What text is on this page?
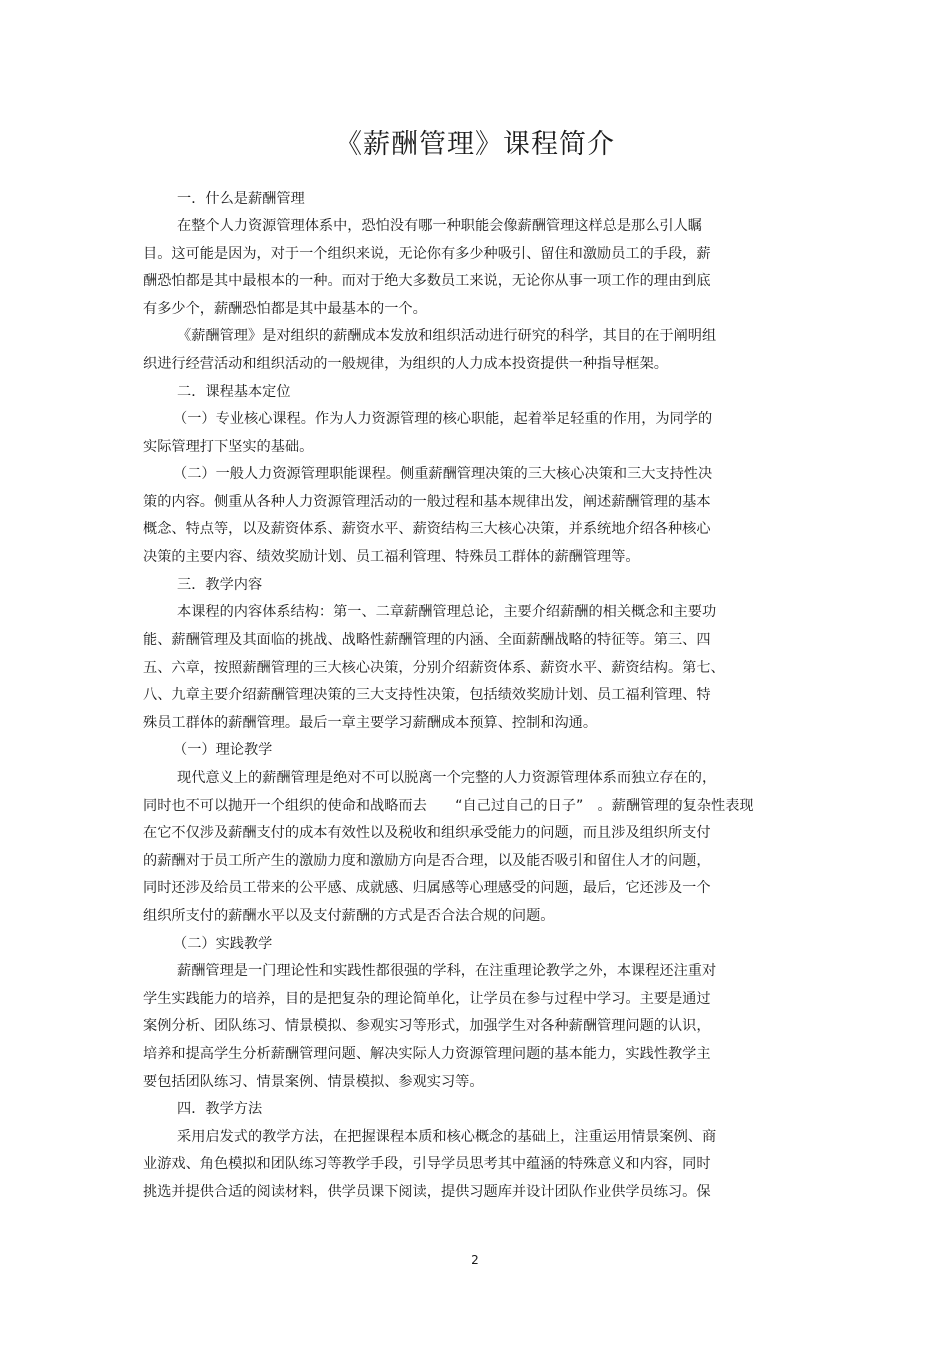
《薪酬管理》课程简介
一．什么是薪酬管理
在整个人力资源管理体系中，恐怕没有哪一种职能会像薪酬管理这样总是那么引人瞩
目。这可能是因为，对于一个组织来说，无论你有多少种吸引、留住和激励员工的手段，薪
酬恐怕都是其中最根本的一种。而对于绝大多数员工来说，无论你从事一项工作的理由到底
有多少个，薪酬恐怕都是其中最基本的一个。
《薪酬管理》是对组织的薪酬成本发放和组织活动进行研究的科学，其目的在于阐明组
织进行经营活动和组织活动的一般规律，为组织的人力成本投资提供一种指导框架。
二．课程基本定位
（一）专业核心课程。作为人力资源管理的核心职能，起着举足轻重的作用，为同学的
实际管理打下坚实的基础。
（二）一般人力资源管理职能课程。侧重薪酬管理决策的三大核心决策和三大支持性决
策的内容。侧重从各种人力资源管理活动的一般过程和基本规律出发，阐述薪酬管理的基本
概念、特点等，以及薪资体系、薪资水平、薪资结构三大核心决策，并系统地介绍各种核心
决策的主要内容、绩效奖励计划、员工福利管理、特殊员工群体的薪酬管理等。
三．教学内容
本课程的内容体系结构：第一、二章薪酬管理总论，主要介绍薪酬的相关概念和主要功
能、薪酬管理及其面临的挑战、战略性薪酬管理的内涵、全面薪酬战略的特征等。第三、四
五、六章，按照薪酬管理的三大核心决策，分别介绍薪资体系、薪资水平、薪资结构。第七、
八、九章主要介绍薪酬管理决策的三大支持性决策，包括绩效奖励计划、员工福利管理、特
殊员工群体的薪酬管理。最后一章主要学习薪酬成本预算、控制和沟通。
（一）理论教学
现代意义上的薪酬管理是绝对不可以脱离一个完整的人力资源管理体系而独立存在的，
同时也不可以抛开一个组织的使命和战略而去　　“自己过自己的日子”　。薪酬管理的复杂性表现
在它不仅涉及薪酬支付的成本有效性以及税收和组织承受能力的问题，而且涉及组织所支付
的薪酬对于员工所产生的激励力度和激励方向是否合理，以及能否吸引和留住人才的问题，
同时还涉及给员工带来的公平感、成就感、归属感等心理感受的问题，最后，它还涉及一个
组织所支付的薪酬水平以及支付薪酬的方式是否合法合规的问题。
（二）实践教学
薪酬管理是一门理论性和实践性都很强的学科，在注重理论教学之外，本课程还注重对
学生实践能力的培养，目的是把复杂的理论简单化，让学员在参与过程中学习。主要是通过
案例分析、团队练习、情景模拟、参观实习等形式，加强学生对各种薪酬管理问题的认识，
培养和提高学生分析薪酬管理问题、解决实际人力资源管理问题的基本能力，实践性教学主
要包括团队练习、情景案例、情景模拟、参观实习等。
四．教学方法
采用启发式的教学方法，在把握课程本质和核心概念的基础上，注重运用情景案例、商
业游戏、角色模拟和团队练习等教学手段，引导学员思考其中蕴涵的特殊意义和内容，同时
挑选并提供合适的阅读材料，供学员课下阅读，提供习题库并设计团队作业供学员练习。保
2
